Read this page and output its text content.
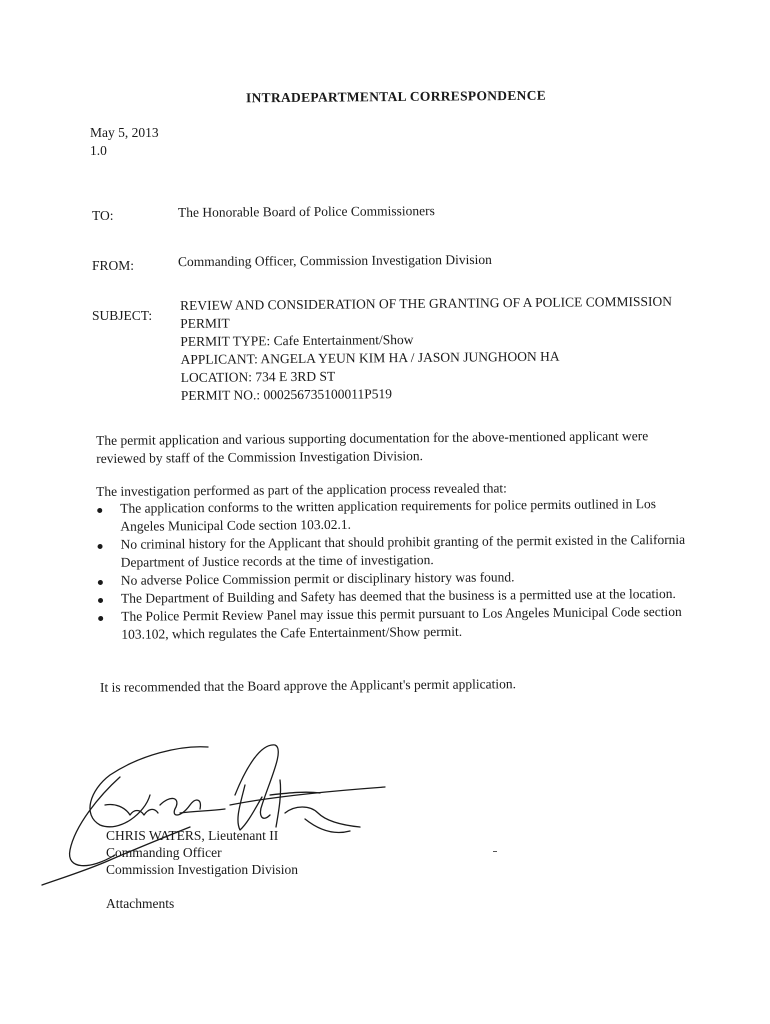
INTRADEPARTMENTAL CORRESPONDENCE
May 5, 2013
1.0
TO:	The Honorable Board of Police Commissioners
FROM:	Commanding Officer, Commission Investigation Division
SUBJECT:
REVIEW AND CONSIDERATION OF THE GRANTING OF A POLICE COMMISSION
PERMIT
PERMIT TYPE: Cafe Entertainment/Show
APPLICANT: ANGELA YEUN KIM HA / JASON JUNGHOON HA
LOCATION: 734 E 3RD ST
PERMIT NO.: 000256735100011P519
The permit application and various supporting documentation for the above-mentioned applicant were
reviewed by staff of the Commission Investigation Division.
The investigation performed as part of the application process revealed that:
The application conforms to the written application requirements for police permits outlined in Los
Angeles Municipal Code section 103.02.1.
No criminal history for the Applicant that should prohibit granting of the permit existed in the California
Department of Justice records at the time of investigation.
No adverse Police Commission permit or disciplinary history was found.
The Department of Building and Safety has deemed that the business is a permitted use at the location.
The Police Permit Review Panel may issue this permit pursuant to Los Angeles Municipal Code section
103.102, which regulates the Cafe Entertainment/Show permit.
It is recommended that the Board approve the Applicant's permit application.
CHRIS WATERS, Lieutenant II
Commanding Officer
Commission Investigation Division
Attachments
